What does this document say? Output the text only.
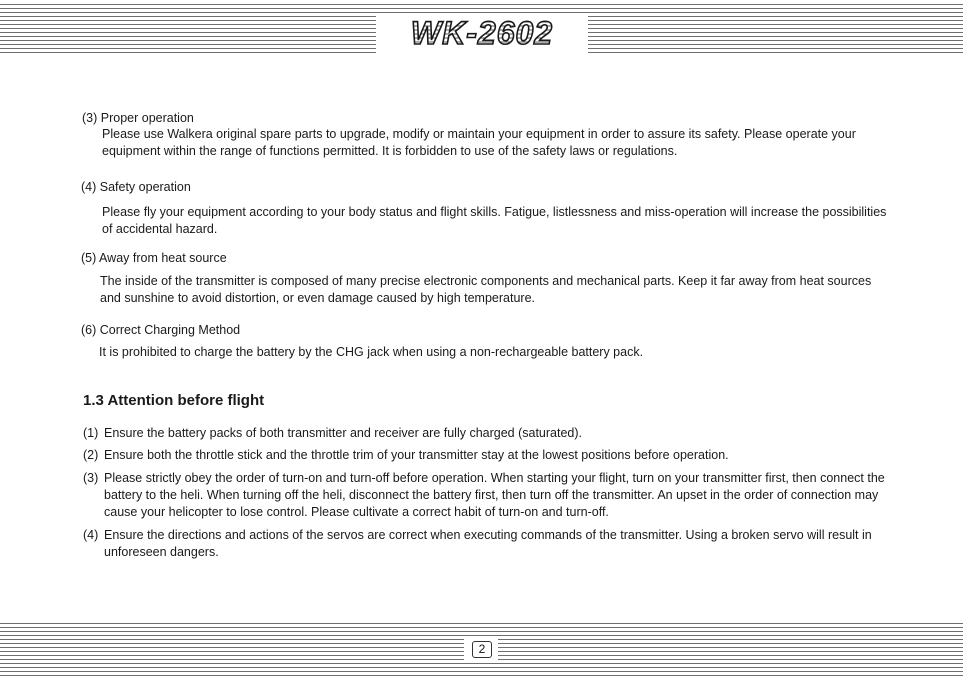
WK-2602

(3) Proper operation

Please use Walkera original spare parts to upgrade, modify or maintain your equipment in order to assure its safety. Please operate your equipment within the range of functions permitted. It is forbidden to use of the safety laws or regulations.

(4) Safety operation

Please fly your equipment according to your body status and flight skills. Fatigue, listlessness and miss-operation will increase the possibilities of accidental hazard.

(5) Away from heat source

The inside of the transmitter is composed of many precise electronic components and mechanical parts. Keep it far away from heat sources and sunshine to avoid distortion, or even damage caused by high temperature.

(6) Correct Charging Method

It is prohibited to charge the battery by the CHG jack when using a non-rechargeable battery pack.

1.3 Attention before flight
(1) Ensure the battery packs of both transmitter and receiver are fully charged (saturated).
(2) Ensure both the throttle stick and the throttle trim of your transmitter stay at the lowest positions before operation.
(3) Please strictly obey the order of turn-on and turn-off before operation. When starting your flight, turn on your transmitter first, then connect the battery to the heli. When turning off the heli, disconnect the battery first, then turn off the transmitter. An upset in the order of connection may cause your helicopter to lose control. Please cultivate a correct habit of turn-on and turn-off.
(4) Ensure the directions and actions of the servos are correct when executing commands of the transmitter. Using a broken servo will result in unforeseen dangers.
2
